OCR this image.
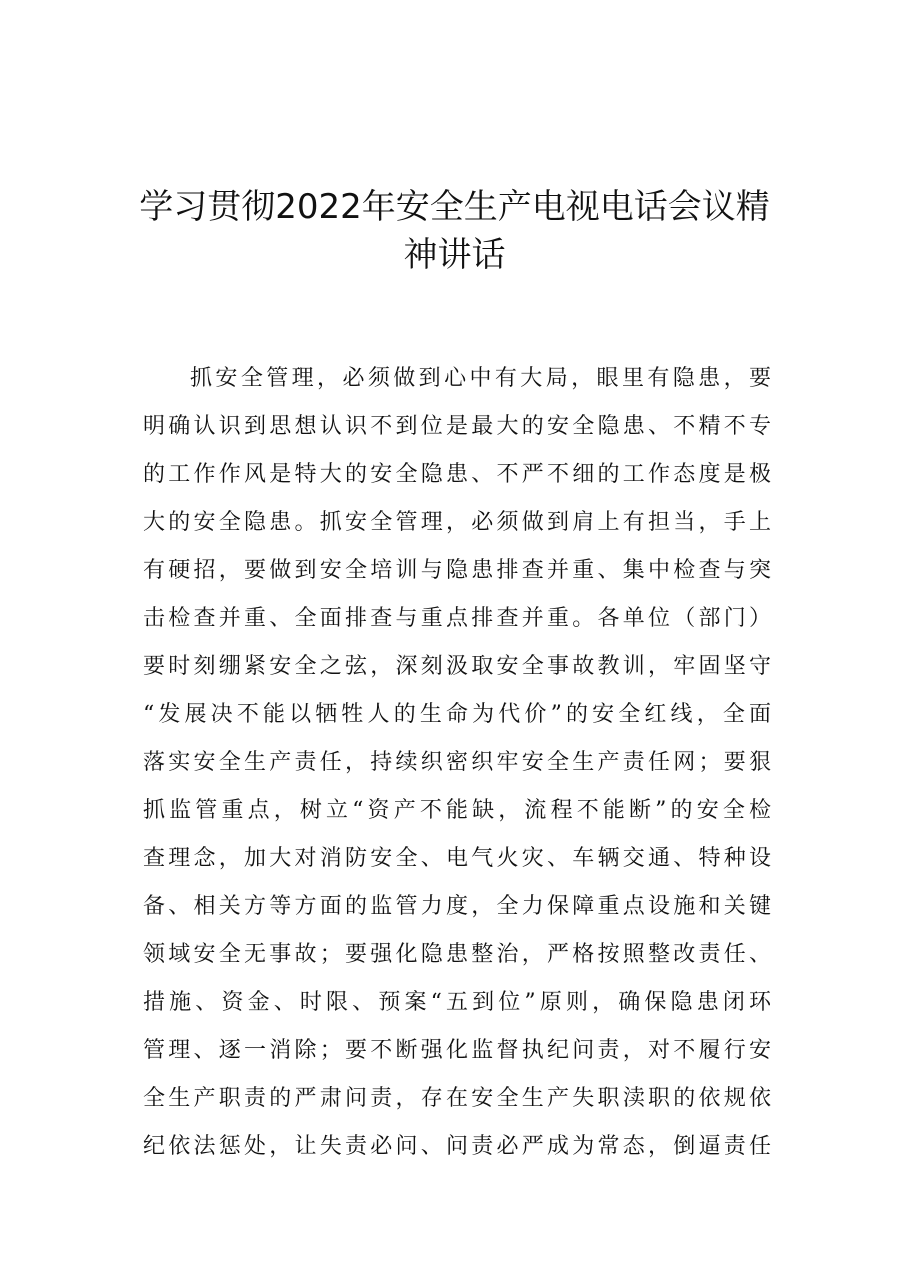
学习贯彻2022年安全生产电视电话会议精
神讲话
抓安全管理，必须做到心中有大局，眼里有隐患，要
明确认识到思想认识不到位是最大的安全隐患、不精不专
的工作作风是特大的安全隐患、不严不细的工作态度是极
大的安全隐患。抓安全管理，必须做到肩上有担当，手上
有硬招，要做到安全培训与隐患排查并重、集中检查与突
击检查并重、全面排查与重点排查并重。各单位（部门）
要时刻绷紧安全之弦，深刻汲取安全事故教训，牢固坚守
“发展决不能以牺牲人的生命为代价”的安全红线，全面
落实安全生产责任，持续织密织牢安全生产责任网；要狠
抓监管重点，树立“资产不能缺，流程不能断”的安全检
查理念，加大对消防安全、电气火灾、车辆交通、特种设
备、相关方等方面的监管力度，全力保障重点设施和关键
领域安全无事故；要强化隐患整治，严格按照整改责任、
措施、资金、时限、预案“五到位”原则，确保隐患闭环
管理、逐一消除；要不断强化监督执纪问责，对不履行安
全生产职责的严肃问责，存在安全生产失职渎职的依规依
纪依法惩处，让失责必问、问责必严成为常态，倒逼责任
